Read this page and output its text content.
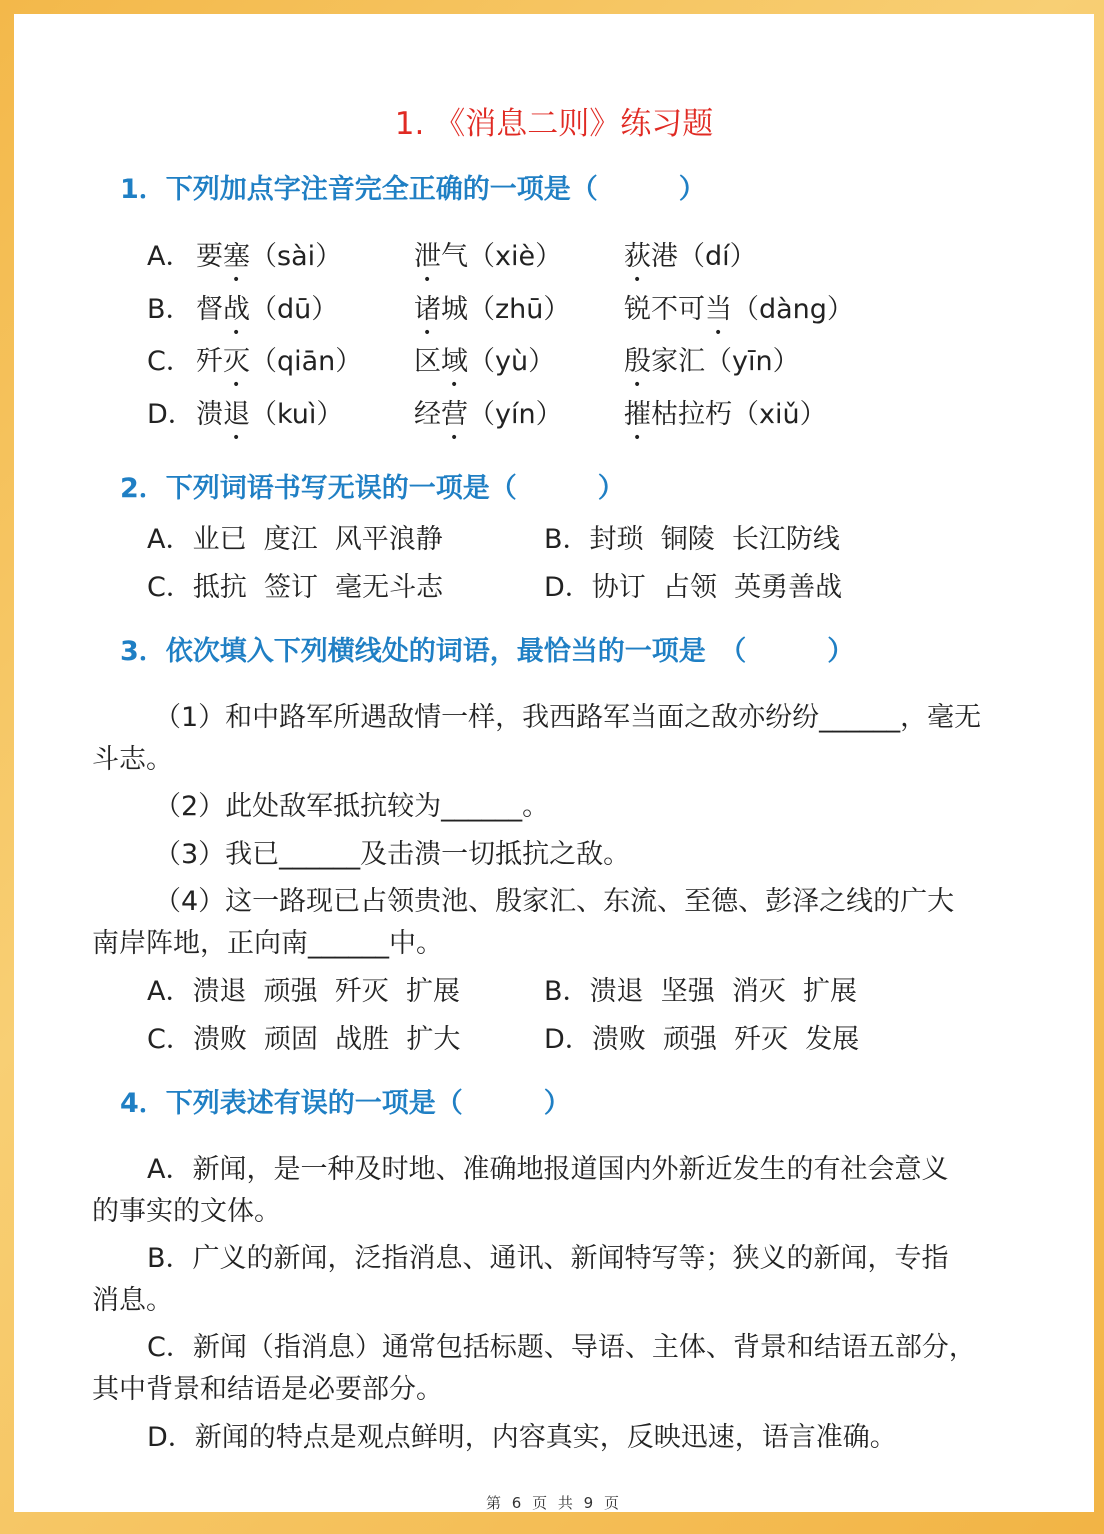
1. 《消息二则》练习题
1．下列加点字注音完全正确的一项是（　　　）
A． 要塞（sài）	泄气（xiè） 荻港（dí）
B． 督战（dū）	诸城（zhū） 锐不可当（dàng）
C． 歼灭（qiān） 区域（yù）	殷家汇（yīn）
D． 溃退（kuì）	经营（yín） 摧枯拉朽（xiǔ）
2．下列词语书写无误的一项是（　　　）
A．业已  度江  风平浪静	B．封琐  铜陵  长江防线
C．抵抗  签订  毫无斗志	D．协订  占领  英勇善战
3．依次填入下列横线处的词语，最恰当的一项是　（　　　）
（1）和中路军所遇敌情一样，我西路军当面之敌亦纷纷______，毫无
斗志。
（2）此处敌军抵抗较为______。
（3）我已______及击溃一切抵抗之敌。
（4）这一路现已占领贵池、殷家汇、东流、至德、彭泽之线的广大
南岸阵地，正向南______中。
A．溃退  顽强  歼灭  扩展	B．溃退  坚强  消灭  扩展
C．溃败  顽固  战胜  扩大	D．溃败  顽强  歼灭  发展
4．下列表述有误的一项是（　　　）
A．新闻，是一种及时地、准确地报道国内外新近发生的有社会意义
的事实的文体。
B．广义的新闻，泛指消息、通讯、新闻特写等；狭义的新闻，专指
消息。
C．新闻（指消息）通常包括标题、导语、主体、背景和结语五部分，
其中背景和结语是必要部分。
D．新闻的特点是观点鲜明，内容真实，反映迅速，语言准确。
第 6 页 共 9 页
